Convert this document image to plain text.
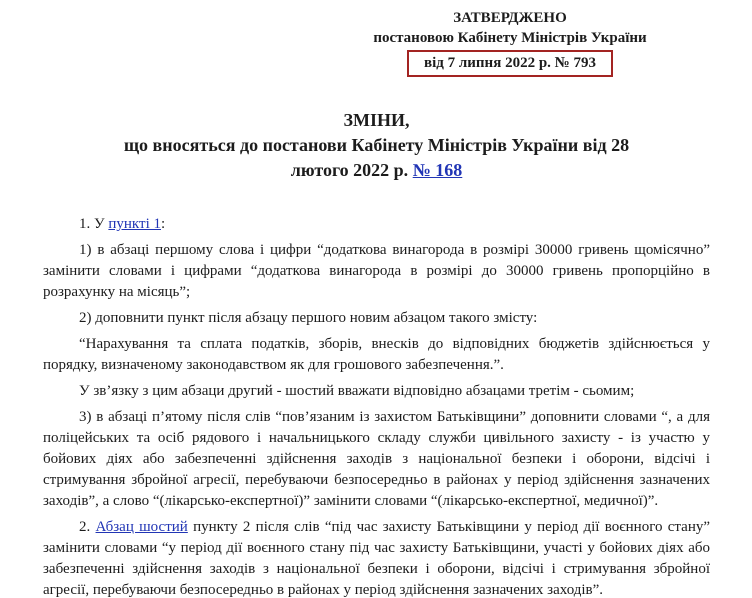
ЗАТВЕРДЖЕНО
постановою Кабінету Міністрів України
від 7 липня 2022 р. № 793
ЗМІНИ,
що вносяться до постанови Кабінету Міністрів України від 28
лютого 2022 р. № 168

1. У пункті 1:

1) в абзаці першому слова і цифри “додаткова винагорода в розмірі 30000 гривень щомісячно” замінити словами і цифрами “додаткова винагорода в розмірі до 30000 гривень пропорційно в розрахунку на місяць”;

2) доповнити пункт після абзацу першого новим абзацом такого змісту:

“Нарахування та сплата податків, зборів, внесків до відповідних бюджетів здійснюється у порядку, визначеному законодавством як для грошового забезпечення.”.

У зв’язку з цим абзаци другий - шостий вважати відповідно абзацами третім - сьомим;

3) в абзаці п’ятому після слів “пов’язаним із захистом Батьківщини” доповнити словами “, а для поліцейських та осіб рядового і начальницького складу служби цивільного захисту - із участю у бойових діях або забезпеченні здійснення заходів з національної безпеки і оборони, відсічі і стримування збройної агресії, перебуваючи безпосередньо в районах у період здійснення зазначених заходів”, а слово “(лікарсько-експертної)” замінити словами “(лікарсько-експертної, медичної)”.

2. Абзац шостий пункту 2 після слів “під час захисту Батьківщини у період дії воєнного стану” замінити словами “у період дії воєнного стану під час захисту Батьківщини, участі у бойових діях або забезпеченні здійснення заходів з національної безпеки і оборони, відсічі і стримування збройної агресії, перебуваючи безпосередньо в районах у період здійснення зазначених заходів”.
